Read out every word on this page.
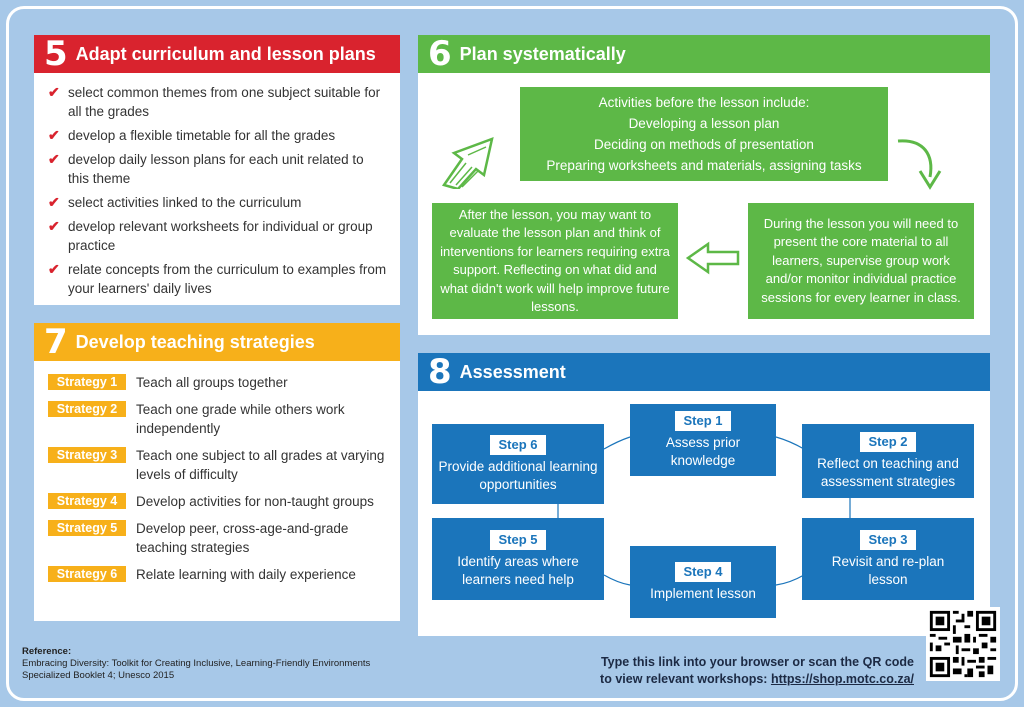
5 Adapt curriculum and lesson plans
✔ select common themes from one subject suitable for all the grades
✔ develop a flexible timetable for all the grades
✔ develop daily lesson plans for each unit related to this theme
✔ select activities linked to the curriculum
✔ develop relevant worksheets for individual or group practice
✔ relate concepts from the curriculum to examples from your learners' daily lives
7 Develop teaching strategies
Strategy 1	Teach all groups together
Strategy 2	Teach one grade while others work independently
Strategy 3	Teach one subject to all grades at varying levels of difficulty
Strategy 4	Develop activities for non-taught groups
Strategy 5	Develop peer, cross-age-and-grade teaching strategies
Strategy 6	Relate learning with daily experience
6 Plan systematically
Activities before the lesson include:
Developing a lesson plan
Deciding on methods of presentation
Preparing worksheets and materials, assigning tasks
After the lesson, you may want to evaluate the lesson plan and think of interventions for learners requiring extra support. Reflecting on what did and what didn't work will help improve future lessons.
During the lesson you will need to present the core material to all learners, supervise group work and/or monitor individual practice sessions for every learner in class.
8 Assessment
Step 1
Assess prior knowledge
Step 2
Reflect on teaching and assessment strategies
Step 3
Revisit and re-plan lesson
Step 4
Implement lesson
Step 5
Identify areas where learners need help
Step 6
Provide additional learning opportunities
Reference:
Embracing Diversity: Toolkit for Creating Inclusive, Learning-Friendly Environments
Specialized Booklet 4; Unesco 2015
Type this link into your browser or scan the QR code
to view relevant workshops: https://shop.motc.co.za/
